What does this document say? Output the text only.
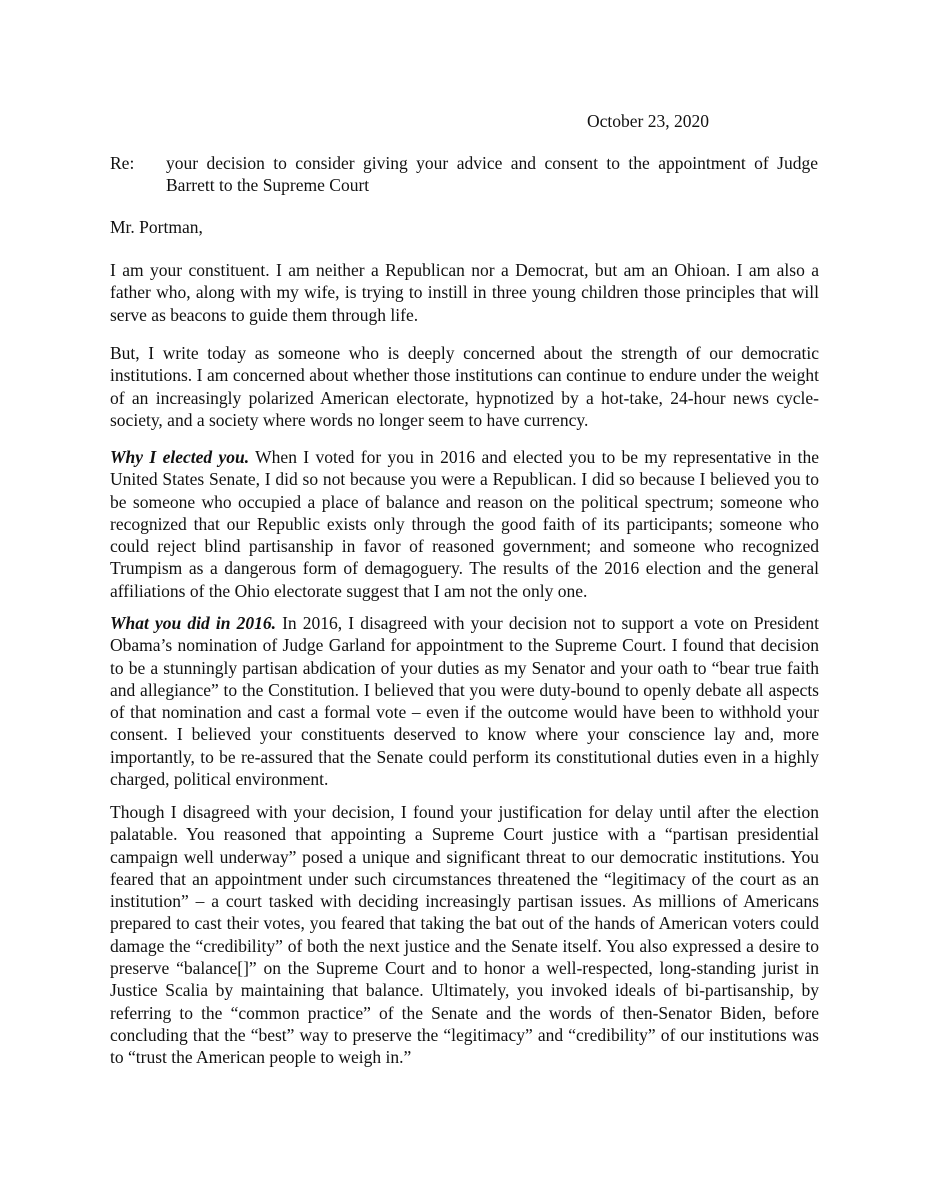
October 23, 2020
Re: your decision to consider giving your advice and consent to the appointment of Judge Barrett to the Supreme Court
Mr. Portman,

I am your constituent. I am neither a Republican nor a Democrat, but am an Ohioan. I am also a father who, along with my wife, is trying to instill in three young children those principles that will serve as beacons to guide them through life.

But, I write today as someone who is deeply concerned about the strength of our democratic institutions. I am concerned about whether those institutions can continue to endure under the weight of an increasingly polarized American electorate, hypnotized by a hot-take, 24-hour news cycle-society, and a society where words no longer seem to have currency.

Why I elected you. When I voted for you in 2016 and elected you to be my representative in the United States Senate, I did so not because you were a Republican. I did so because I believed you to be someone who occupied a place of balance and reason on the political spectrum; someone who recognized that our Republic exists only through the good faith of its participants; someone who could reject blind partisanship in favor of reasoned government; and someone who recognized Trumpism as a dangerous form of demagoguery. The results of the 2016 election and the general affiliations of the Ohio electorate suggest that I am not the only one.

What you did in 2016. In 2016, I disagreed with your decision not to support a vote on President Obama’s nomination of Judge Garland for appointment to the Supreme Court. I found that decision to be a stunningly partisan abdication of your duties as my Senator and your oath to “bear true faith and allegiance” to the Constitution. I believed that you were duty-bound to openly debate all aspects of that nomination and cast a formal vote – even if the outcome would have been to withhold your consent. I believed your constituents deserved to know where your conscience lay and, more importantly, to be re-assured that the Senate could perform its constitutional duties even in a highly charged, political environment.

Though I disagreed with your decision, I found your justification for delay until after the election palatable. You reasoned that appointing a Supreme Court justice with a “partisan presidential campaign well underway” posed a unique and significant threat to our democratic institutions. You feared that an appointment under such circumstances threatened the “legitimacy of the court as an institution” – a court tasked with deciding increasingly partisan issues. As millions of Americans prepared to cast their votes, you feared that taking the bat out of the hands of American voters could damage the “credibility” of both the next justice and the Senate itself. You also expressed a desire to preserve “balance[]” on the Supreme Court and to honor a well-respected, long-standing jurist in Justice Scalia by maintaining that balance. Ultimately, you invoked ideals of bi-partisanship, by referring to the “common practice” of the Senate and the words of then-Senator Biden, before concluding that the “best” way to preserve the “legitimacy” and “credibility” of our institutions was to “trust the American people to weigh in.”
